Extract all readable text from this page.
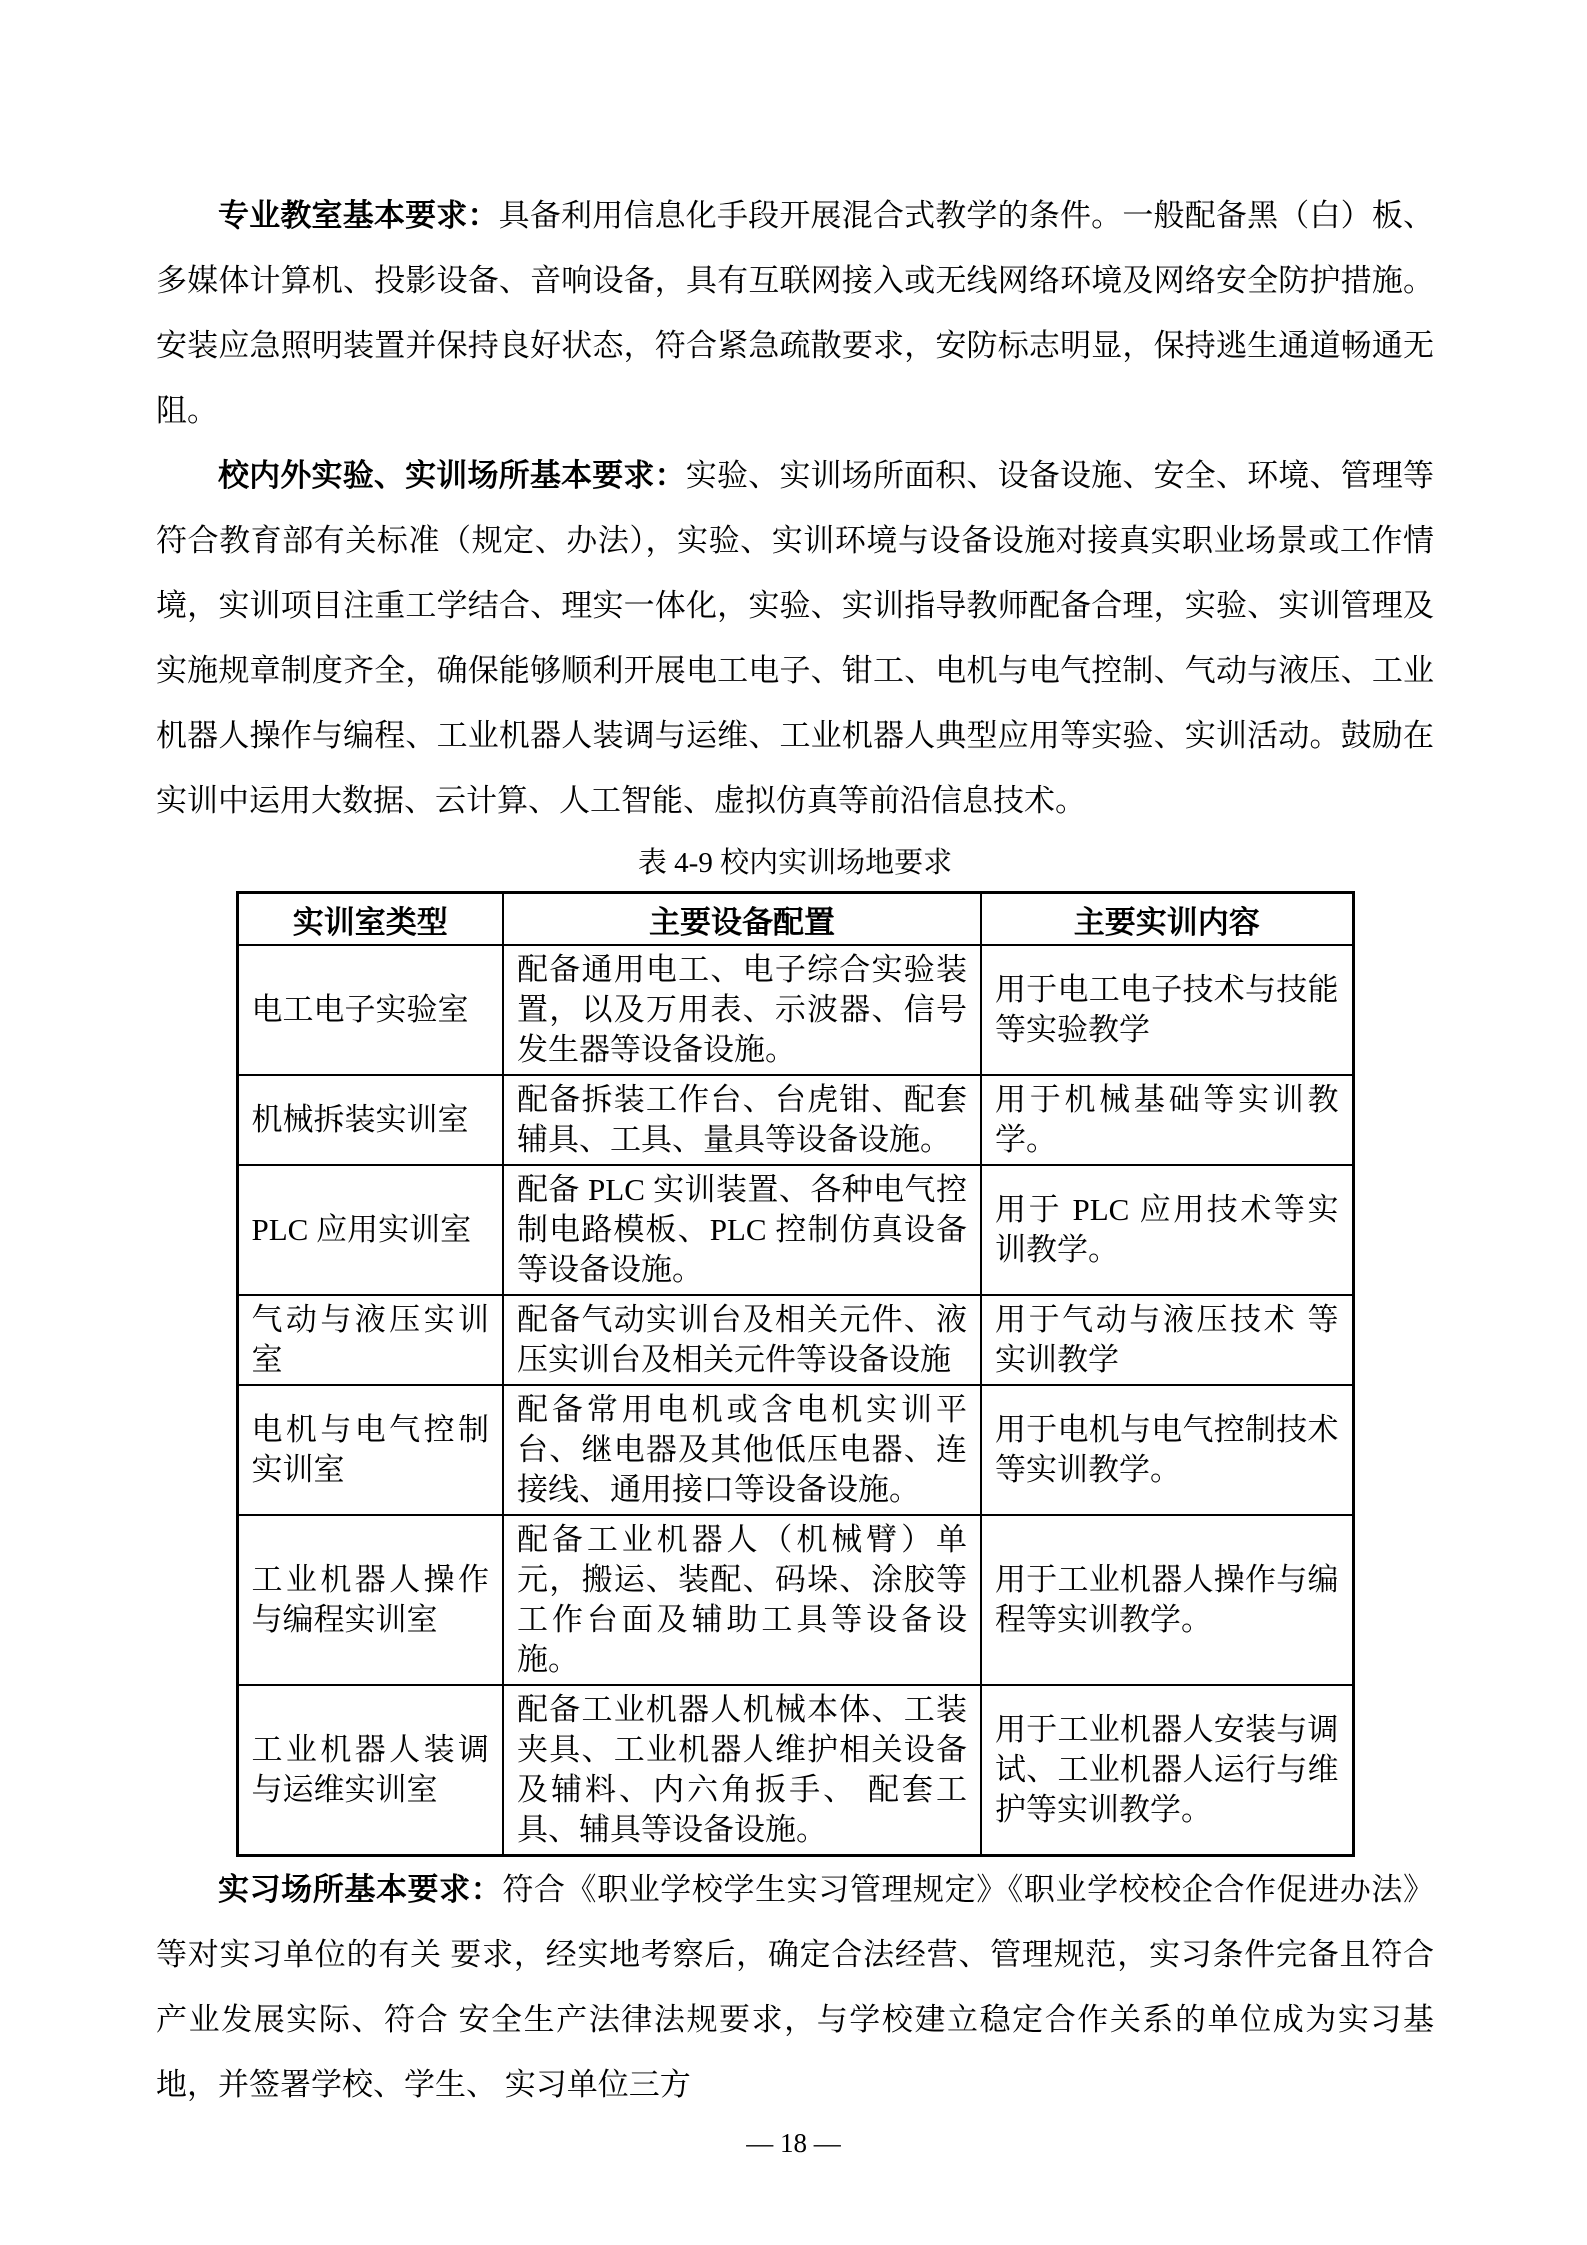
专业教室基本要求：具备利用信息化手段开展混合式教学的条件。一般配备黑（白）板、多媒体计算机、投影设备、音响设备，具有互联网接入或无线网络环境及网络安全防护措施。安装应急照明装置并保持良好状态，符合紧急疏散要求，安防标志明显，保持逃生通道畅通无阻。

校内外实验、实训场所基本要求：实验、实训场所面积、设备设施、安全、环境、管理等符合教育部有关标准（规定、办法），实验、实训环境与设备设施对接真实职业场景或工作情境，实训项目注重工学结合、理实一体化，实验、实训指导教师配备合理，实验、实训管理及实施规章制度齐全，确保能够顺利开展电工电子、钳工、电机与电气控制、气动与液压、工业机器人操作与编程、工业机器人装调与运维、工业机器人典型应用等实验、实训活动。鼓励在实训中运用大数据、云计算、人工智能、虚拟仿真等前沿信息技术。

表 4-9 校内实训场地要求
实训室类型	主要设备配置	主要实训内容
电工电子实验室	配备通用电工、电子综合实验装置，以及万用表、示波器、信号发生器等设备设施。	用于电工电子技术与技能等实验教学
机械拆装实训室	配备拆装工作台、台虎钳、配套辅具、工具、量具等设备设施。	用于机械基础等实训教学。
PLC 应用实训室	配备 PLC 实训装置、各种电气控制电路模板、PLC 控制仿真设备等设备设施。	用于 PLC 应用技术等实训教学。
气动与液压实训室	配备气动实训台及相关元件、液压实训台及相关元件等设备设施	用于气动与液压技术 等实训教学
电机与电气控制实训室	配备常用电机或含电机实训平台、继电器及其他低压电器、连接线、通用接口等设备设施。	用于电机与电气控制技术等实训教学。
工业机器人操作与编程实训室	配备工业机器人（机械臂）单元，搬运、装配、码垛、涂胶等工作台面及辅助工具等设备设施。	用于工业机器人操作与编程等实训教学。
工业机器人装调与运维实训室	配备工业机器人机械本体、工装夹具、工业机器人维护相关设备及辅料、内六角扳手、 配套工具、辅具等设备设施。	用于工业机器人安装与调试、工业机器人运行与维护等实训教学。

实习场所基本要求：符合《职业学校学生实习管理规定》《职业学校校企合作促进办法》等对实习单位的有关 要求，经实地考察后，确定合法经营、管理规范，实习条件完备且符合产业发展实际、符合 安全生产法律法规要求，与学校建立稳定合作关系的单位成为实习基地，并签署学校、学生、 实习单位三方

— 18 —
